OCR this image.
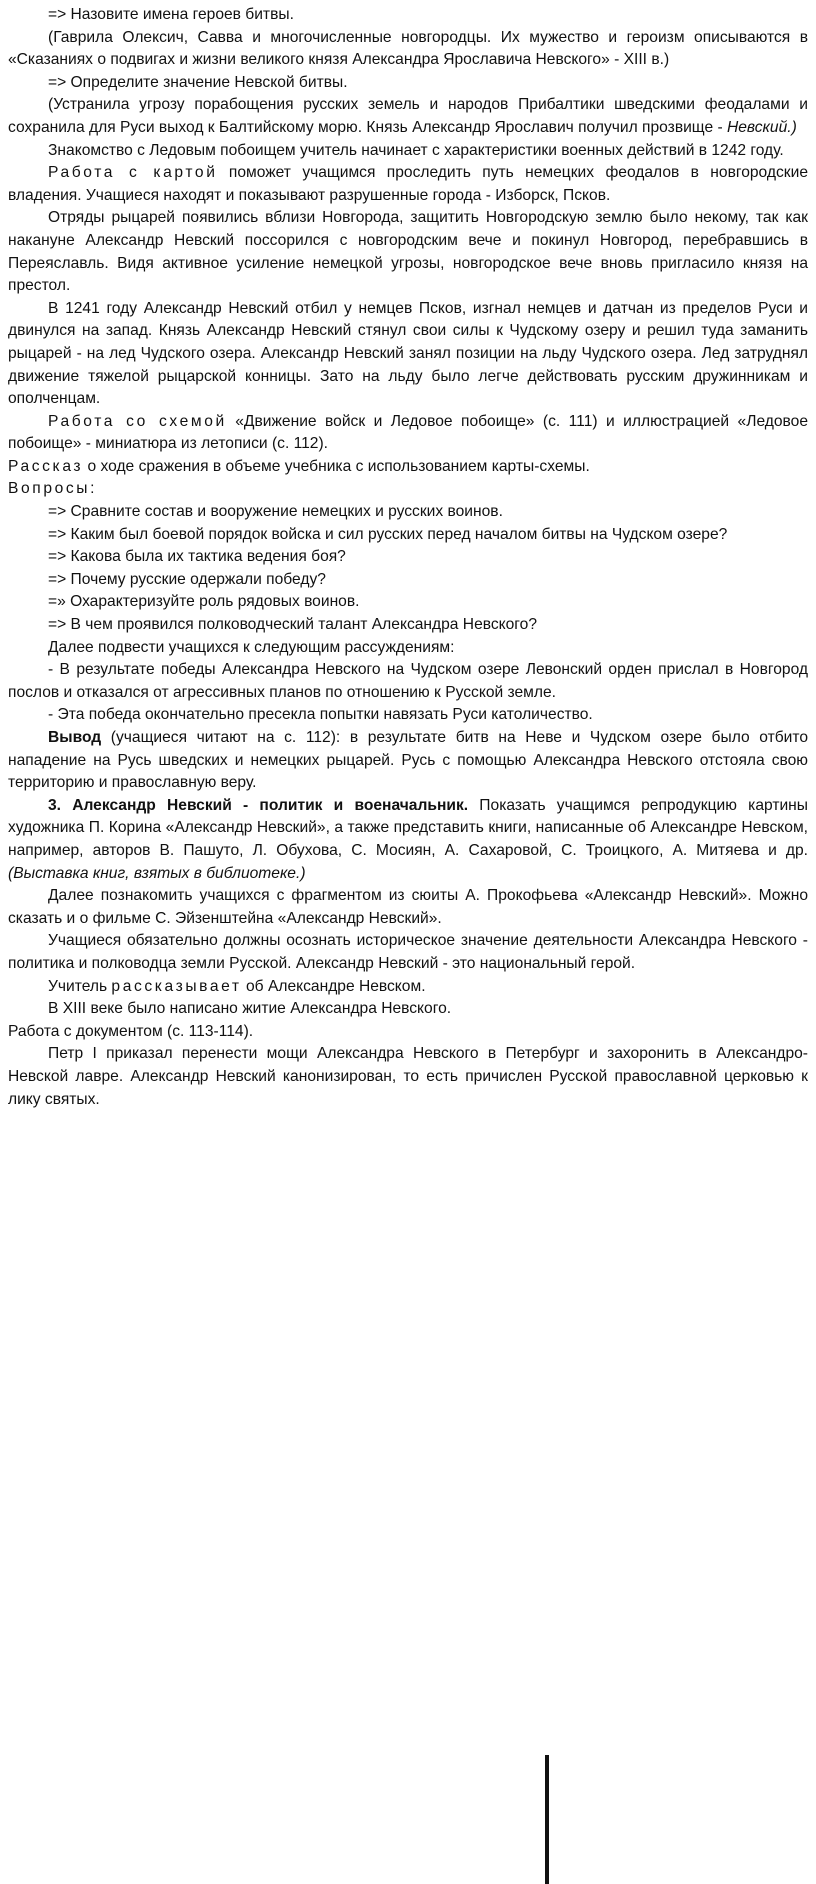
=> Назовите имена героев битвы.

(Гаврила Олексич, Савва и многочисленные новгородцы. Их мужество и героизм описываются в «Сказаниях о подвигах и жизни великого князя Александра Ярославича Невского» - XIII в.)

=> Определите значение Невской битвы.

(Устранила угрозу порабощения русских земель и народов Прибалтики шведскими феодалами и сохранила для Руси выход к Балтийскому морю. Князь Александр Ярославич получил прозвище - Невский.)

Знакомство с Ледовым побоищем учитель начинает с характеристики военных действий в 1242 году.

Работа с картой поможет учащимся проследить путь немецких феодалов в новгородские владения. Учащиеся находят и показывают разрушенные города - Изборск, Псков.

Отряды рыцарей появились вблизи Новгорода, защитить Новгородскую землю было некому, так как накануне Александр Невский поссорился с новгородским вече и покинул Новгород, перебравшись в Переяславль. Видя активное усиление немецкой угрозы, новгородское вече вновь пригласило князя на престол.

В 1241 году Александр Невский отбил у немцев Псков, изгнал немцев и датчан из пределов Руси и двинулся на запад. Князь Александр Невский стянул свои силы к Чудскому озеру и решил туда заманить рыцарей - на лед Чудского озера. Александр Невский занял позиции на льду Чудского озера. Лед затруднял движение тяжелой рыцарской конницы. Зато на льду было легче действовать русским дружинникам и ополченцам.

Работа со схемой «Движение войск и Ледовое побоище» (с. 111) и иллюстрацией «Ледовое побоище» - миниатюра из летописи (с. 112).

Рассказ о ходе сражения в объеме учебника с использованием карты-схемы.

Вопросы:

=> Сравните состав и вооружение немецких и русских воинов.

=> Каким был боевой порядок войска и сил русских перед началом битвы на Чудском озере?

=> Какова была их тактика ведения боя?

=> Почему русские одержали победу?

=» Охарактеризуйте роль рядовых воинов.

=> В чем проявился полководческий талант Александра Невского?

Далее подвести учащихся к следующим рассуждениям:

- В результате победы Александра Невского на Чудском озере Левонский орден прислал в Новгород послов и отказался от агрессивных планов по отношению к Русской земле.

- Эта победа окончательно пресекла попытки навязать Руси католичество.

Вывод (учащиеся читают на с. 112): в результате битв на Неве и Чудском озере было отбито нападение на Русь шведских и немецких рыцарей. Русь с помощью Александра Невского отстояла свою территорию и православную веру.

3. Александр Невский - политик и военачальник. Показать учащимся репродукцию картины художника П. Корина «Александр Невский», а также представить книги, написанные об Александре Невском, например, авторов В. Пашуто, Л. Обухова, С. Мосиян, А. Сахаровой, С. Троицкого, А. Митяева и др. (Выставка книг, взятых в библиотеке.)

Далее познакомить учащихся с фрагментом из сюиты А. Прокофьева «Александр Невский». Можно сказать и о фильме С. Эйзенштейна «Александр Невский».

Учащиеся обязательно должны осознать историческое значение деятельности Александра Невского - политика и полководца земли Русской. Александр Невский - это национальный герой.

Учитель рассказывает об Александре Невском.

В XIII веке было написано житие Александра Невского.

Работа с документом (с. 113-114).

Петр I приказал перенести мощи Александра Невского в Петербург и захоронить в Александро-Невской лавре. Александр Невский канонизирован, то есть причислен Русской православной церковью к лику святых.
